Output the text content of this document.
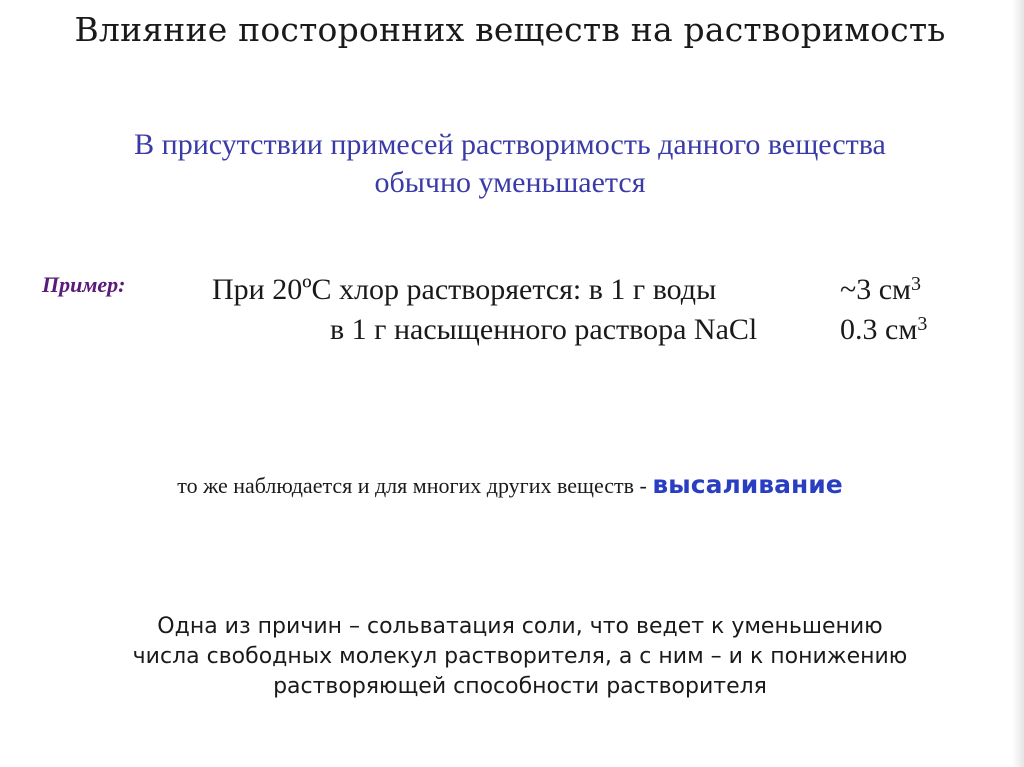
Влияние посторонних веществ на растворимость
В присутствии примесей растворимость данного вещества
обычно уменьшается
Пример:	При 20ºС хлор растворяется: в 1 г воды	~3 $см^3$
в 1 г насыщенного раствора NaCl	0.3 $см^3$
то же наблюдается и для многих других веществ - высаливание
Одна из причин – сольватация соли, что ведет к уменьшению
числа свободных молекул растворителя, а с ним – и к понижению
растворяющей способности растворителя
